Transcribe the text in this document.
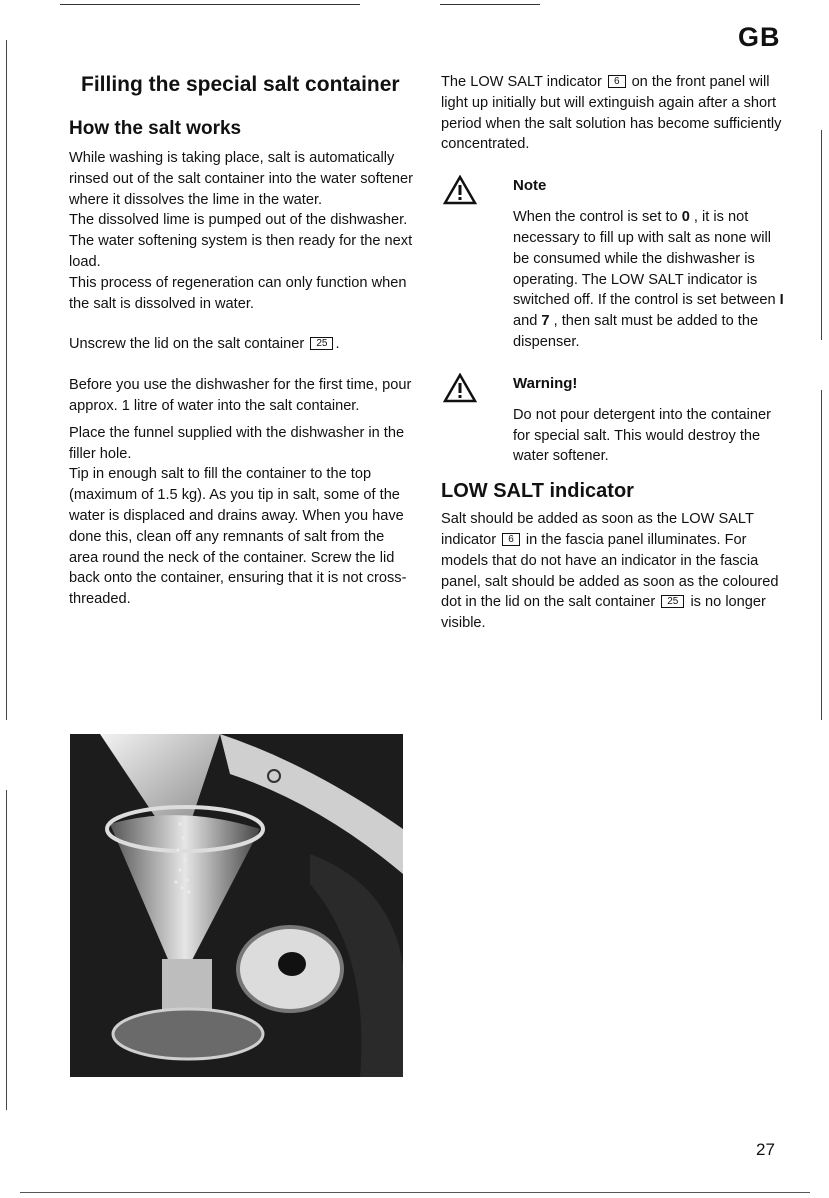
GB
Filling the special salt container
How the salt works

While washing is taking place, salt is automatically rinsed out of the salt container into the water softener where it dissolves the lime in the water.

The dissolved lime is pumped out of the dishwasher. The water softening system is then ready for the next load.

This process of regeneration can only function when the salt is dissolved in water.

Unscrew the lid on the salt container 25 .

Before you use the dishwasher for the first time, pour approx. 1 litre of water into the salt container.

Place the funnel supplied with the dishwasher in the filler hole.

Tip in enough salt to fill the container to the top (maximum of 1.5 kg). As you tip in salt, some of the water is displaced and drains away. When you have done this, clean off any remnants of salt from the area round the neck of the container. Screw the lid back onto the container, ensuring that it is not cross-threaded.

The LOW SALT indicator 6 on the front panel will light up initially but will extinguish again after a short period when the salt solution has become sufficiently concentrated.

Note

When the control is set to 0 , it is not necessary to fill up with salt as none will be consumed while the dishwasher is operating. The LOW SALT indicator is switched off. If the control is set between I and 7 , then salt must be added to the dispenser.

Warning!

Do not pour detergent into the container for special salt. This would destroy the water softener.

LOW SALT indicator

Salt should be added as soon as the LOW SALT indicator 6 in the fascia panel illuminates. For models that do not have an indicator in the fascia panel, salt should be added as soon as the coloured dot in the lid on the salt container 25 is no longer visible.

27
